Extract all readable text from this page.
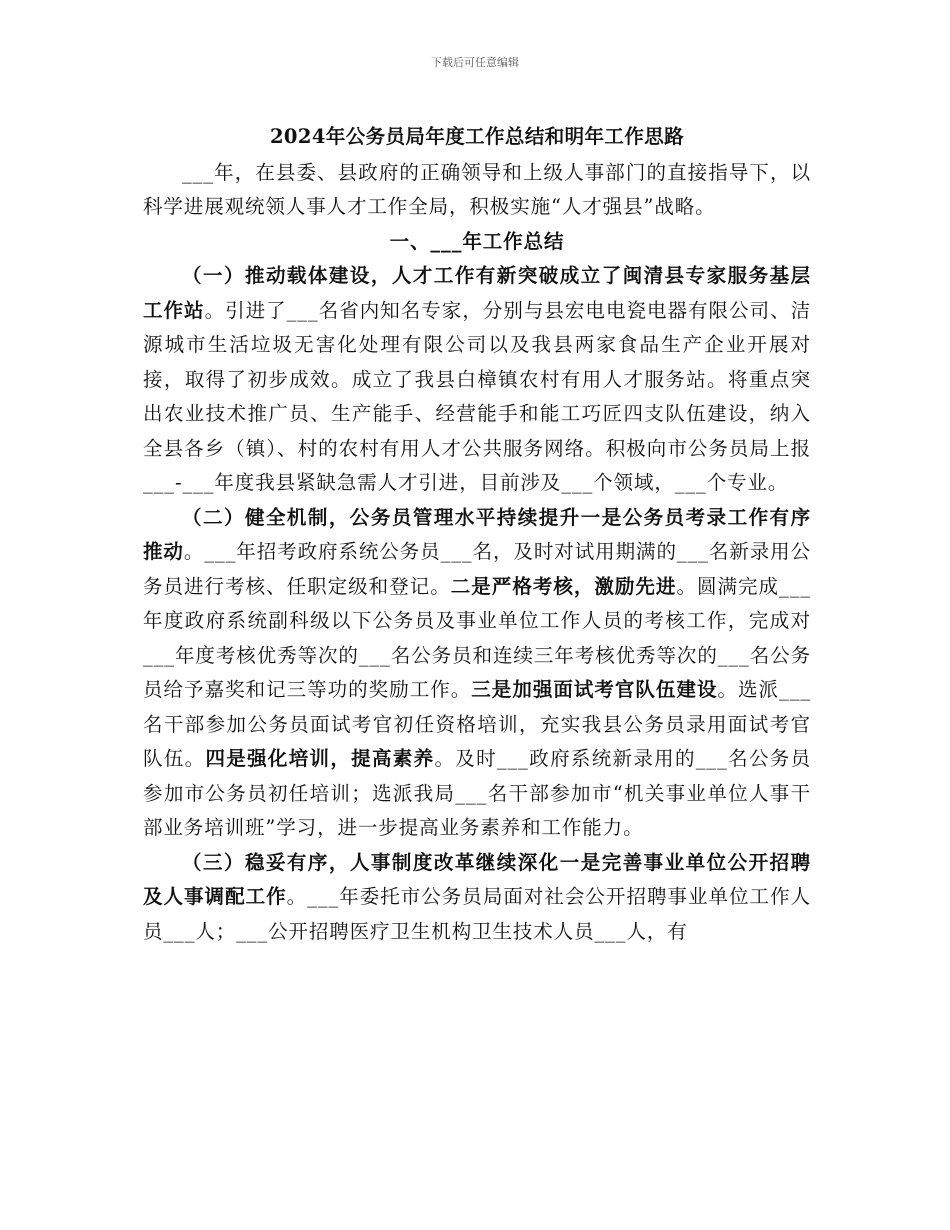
下载后可任意编辑
2024年公务员局年度工作总结和明年工作思路

___年，在县委、县政府的正确领导和上级人事部门的直接指导下，以科学进展观统领人事人才工作全局，积极实施“人才强县”战略。

一、___年工作总结

（一）推动载体建设，人才工作有新突破成立了闽清县专家服务基层工作站。引进了___名省内知名专家，分别与县宏电电瓷电器有限公司、洁源城市生活垃圾无害化处理有限公司以及我县两家食品生产企业开展对接，取得了初步成效。成立了我县白樟镇农村有用人才服务站。将重点突出农业技术推广员、生产能手、经营能手和能工巧匠四支队伍建设，纳入全县各乡（镇）、村的农村有用人才公共服务网络。积极向市公务员局上报___-___年度我县紧缺急需人才引进，目前涉及___个领域，___个专业。

（二）健全机制，公务员管理水平持续提升一是公务员考录工作有序推动。___年招考政府系统公务员___名，及时对试用期满的___名新录用公务员进行考核、任职定级和登记。二是严格考核，激励先进。圆满完成___年度政府系统副科级以下公务员及事业单位工作人员的考核工作，完成对___年度考核优秀等次的___名公务员和连续三年考核优秀等次的___名公务员给予嘉奖和记三等功的奖励工作。三是加强面试考官队伍建设。选派___名干部参加公务员面试考官初任资格培训，充实我县公务员录用面试考官队伍。四是强化培训，提高素养。及时___政府系统新录用的___名公务员参加市公务员初任培训；选派我局___名干部参加市“机关事业单位人事干部业务培训班”学习，进一步提高业务素养和工作能力。

（三）稳妥有序，人事制度改革继续深化一是完善事业单位公开招聘及人事调配工作。___年委托市公务员局面对社会公开招聘事业单位工作人员___人；___公开招聘医疗卫生机构卫生技术人员___人，有
